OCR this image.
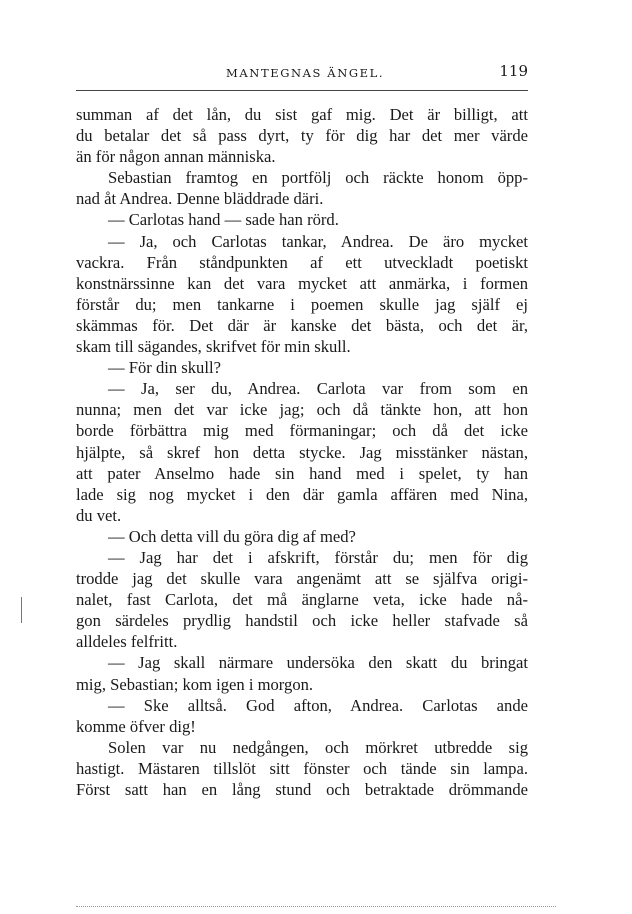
MANTEGNAS ÄNGEL.	119
summan af det lån, du sist gaf mig. Det är billigt, att
du betalar det så pass dyrt, ty för dig har det mer värde
än för någon annan människa.
Sebastian framtog en portfölj och räckte honom öpp-
nad åt Andrea. Denne bläddrade däri.
— Carlotas hand — sade han rörd.
— Ja, och Carlotas tankar, Andrea. De äro mycket
vackra. Från ståndpunkten af ett utveckladt poetiskt
konstnärssinne kan det vara mycket att anmärka, i formen
förstår du; men tankarne i poemen skulle jag själf ej
skämmas för. Det där är kanske det bästa, och det är,
skam till sägandes, skrifvet för min skull.
— För din skull?
— Ja, ser du, Andrea. Carlota var from som en
nunna; men det var icke jag; och då tänkte hon, att hon
borde förbättra mig med förmaningar; och då det icke
hjälpte, så skref hon detta stycke. Jag misstänker nästan,
att pater Anselmo hade sin hand med i spelet, ty han
lade sig nog mycket i den där gamla affären med Nina,
du vet.
— Och detta vill du göra dig af med?
— Jag har det i afskrift, förstår du; men för dig
trodde jag det skulle vara angenämt att se själfva origi-
nalet, fast Carlota, det må änglarne veta, icke hade nå-
gon särdeles prydlig handstil och icke heller stafvade så
alldeles felfritt.
— Jag skall närmare undersöka den skatt du bringat
mig, Sebastian; kom igen i morgon.
— Ske alltså. God afton, Andrea. Carlotas ande
komme öfver dig!
Solen var nu nedgången, och mörkret utbredde sig
hastigt. Mästaren tillslöt sitt fönster och tände sin lampa.
Först satt han en lång stund och betraktade drömmande
